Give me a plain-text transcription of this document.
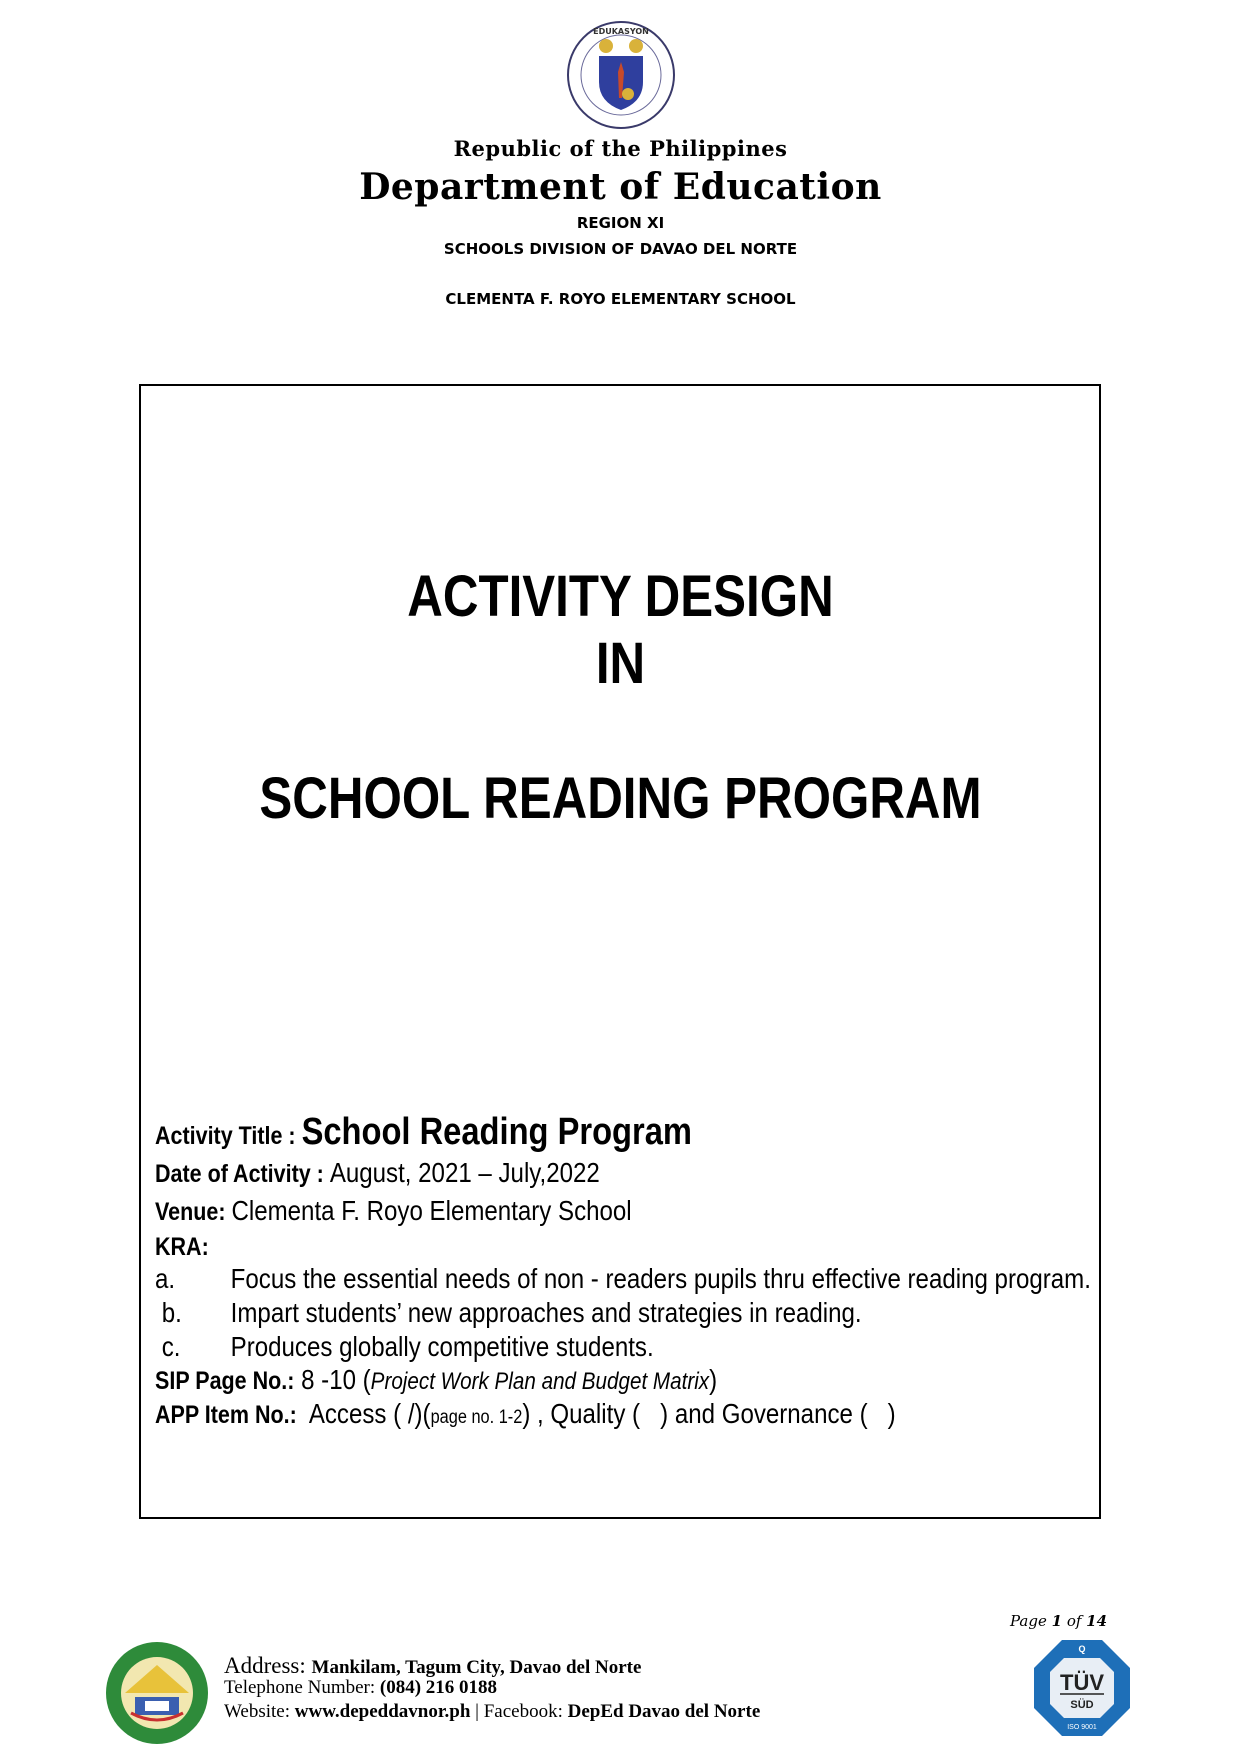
EDUKASYON
Republic of the Philippines
Department of Education
REGION XI
SCHOOLS DIVISION OF DAVAO DEL NORTE
CLEMENTA F. ROYO ELEMENTARY SCHOOL
ACTIVITY DESIGN
IN
SCHOOL READING PROGRAM
Activity Title : School Reading Program
Date of Activity : August, 2021 – July,2022
Venue: Clementa F. Royo Elementary School
KRA:
a. Focus the essential needs of non - readers pupils thru effective reading program.
b. Impart students’ new approaches and strategies in reading.
c. Produces globally competitive students.
SIP Page No.: 8 -10 (Project Work Plan and Budget Matrix)
APP Item No.:  Access ( /)(page no. 1-2) , Quality (   ) and Governance (   )
Page 1 of 14
Address: Mankilam, Tagum City, Davao del Norte
Telephone Number: (084) 216 0188
Website: www.depeddavnor.ph | Facebook: DepEd Davao del Norte
TÜV
SÜD
ISO 9001
Q
